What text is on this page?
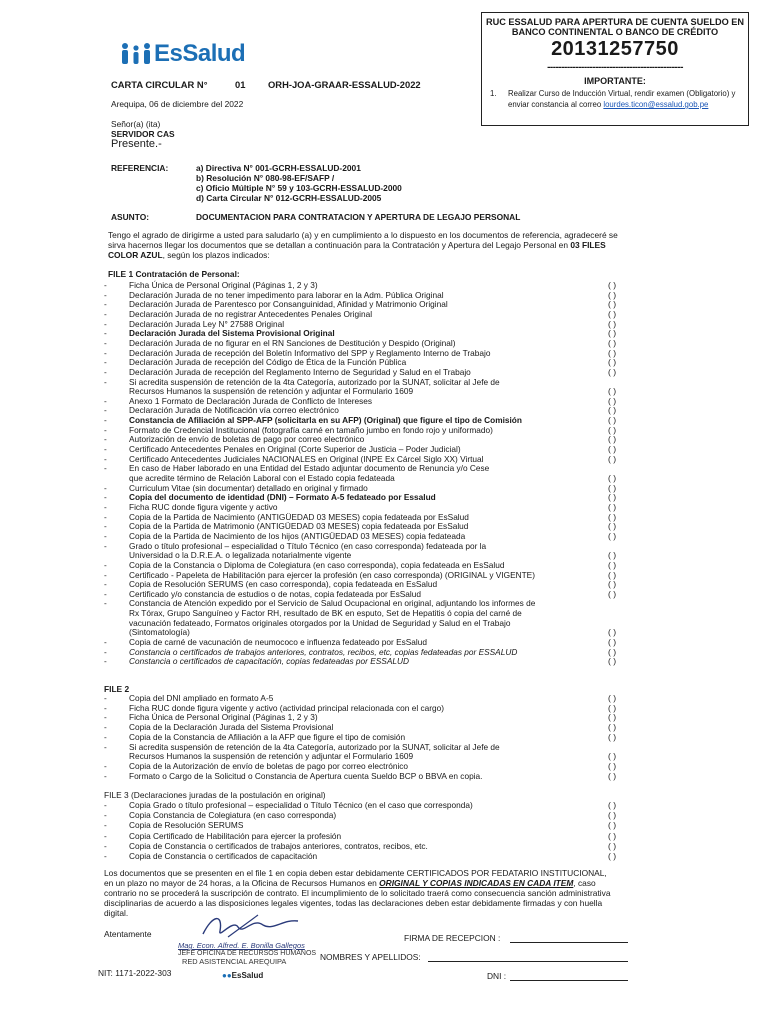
EsSalud
RUC ESSALUD PARA APERTURA DE CUENTA SUELDO EN
BANCO CONTINENTAL O BANCO DE CRÉDITO
20131257750
------------------------------------------------
IMPORTANTE:
1.	Realizar Curso de Inducción Virtual, rendir examen (Obligatorio) y
enviar constancia al correo lourdes.ticon@essalud.gob.pe
CARTA CIRCULAR N°	01 ORH-JOA-GRAAR-ESSALUD-2022
Arequipa, 06 de diciembre del 2022
Señor(a) (ita)
SERVIDOR CAS
Presente.-
REFERENCIA:	a) Directiva N° 001-GCRH-ESSALUD-2001
b) Resolución N° 080-98-EF/SAFP /
c) Oficio Múltiple N° 59 y 103-GCRH-ESSALUD-2000
d) Carta Circular N° 012-GCRH-ESSALUD-2005
ASUNTO:	DOCUMENTACION PARA CONTRATACION Y APERTURA DE LEGAJO PERSONAL
Tengo el agrado de dirigirme a usted para saludarlo (a) y en cumplimiento a lo dispuesto en los documentos de referencia, agradeceré se
sirva hacernos llegar los documentos que se detallan a continuación para la Contratación y Apertura del Legajo Personal en 03 FILES
COLOR AZUL, según los plazos indicados:
FILE 1 Contratación de Personal:
-	Ficha Única de Personal Original (Páginas 1, 2 y 3)	( )
-	Declaración Jurada de no tener impedimento para laborar en la Adm. Pública Original	( )
-	Declaración Jurada de Parentesco por Consanguinidad, Afinidad y Matrimonio Original	( )
-	Declaración Jurada de no registrar Antecedentes Penales Original	( )
-	Declaración Jurada Ley N° 27588 Original	( )
-	Declaración Jurada del Sistema Provisional Original	( )
-	Declaración Jurada de no figurar en el RN Sanciones de Destitución y Despido (Original)	( )
-	Declaración Jurada de recepción del Boletín Informativo del SPP y Reglamento Interno de Trabajo	( )
-	Declaración Jurada de recepción del Código de Ética de la Función Pública	( )
-	Declaración Jurada de recepción del Reglamento Interno de Seguridad y Salud en el Trabajo	( )
-	Si acredita suspensión de retención de la 4ta Categoría, autorizado por la SUNAT, solicitar al Jefe de
Recursos Humanos la suspensión de retención y adjuntar el Formulario 1609	( )
-	Anexo 1 Formato de Declaración Jurada de Conflicto de Intereses	( )
-	Declaración Jurada de Notificación vía correo electrónico	( )
-	Constancia de Afiliación al SPP-AFP (solicitarla en su AFP) (Original) que figure el tipo de Comisión	( )
-	Formato de Credencial Institucional (fotografía carné en tamaño jumbo en fondo rojo y uniformado)	( )
-	Autorización de envío de boletas de pago por correo electrónico	( )
-	Certificado Antecedentes Penales en Original (Corte Superior de Justicia – Poder Judicial)	( )
-	Certificado Antecedentes Judiciales NACIONALES en Original (INPE Ex Cárcel Siglo XX) Virtual	( )
-	En caso de Haber laborado en una Entidad del Estado adjuntar documento de Renuncia y/o Cese
que acredite término de Relación Laboral con el Estado copia fedateada	( )
-	Curriculum Vitae (sin documentar) detallado en original y firmado	( )
-	Copia del documento de identidad (DNI) – Formato A-5 fedateado por Essalud	( )
-	Ficha RUC donde figura vigente y activo	( )
-	Copia de la Partida de Nacimiento (ANTIGÜEDAD 03 MESES) copia fedateada por EsSalud	( )
-	Copia de la Partida de Matrimonio (ANTIGÜEDAD 03 MESES) copia fedateada por EsSalud	( )
-	Copia de la Partida de Nacimiento de los hijos (ANTIGÜEDAD 03 MESES) copia fedateada	( )
-	Grado o título profesional – especialidad o Título Técnico (en caso corresponda) fedateada por la
Universidad o la D.R.E.A. o legalizada notarialmente vigente	( )
-	Copia de la Constancia o Diploma de Colegiatura (en caso corresponda), copia fedateada en EsSalud	( )
-	Certificado - Papeleta de Habilitación para ejercer la profesión (en caso corresponda) (ORIGINAL y VIGENTE)	( )
-	Copia de Resolución SERUMS (en caso corresponda), copia fedateada en EsSalud	( )
-	Certificado y/o constancia de estudios o de notas, copia fedateada por EsSalud	( )
-	Constancia de Atención expedido por el Servicio de Salud Ocupacional en original, adjuntando los informes de
Rx Tórax, Grupo Sanguíneo y Factor RH, resultado de BK en esputo, Set de Hepatitis ó copia del carné de
vacunación fedateado, Formatos originales otorgados por la Unidad de Seguridad y Salud en el Trabajo
(Sintomatología)	( )
-	Copia de carné de vacunación de neumococo e influenza fedateado por EsSalud	( )
-	Constancia o certificados de trabajos anteriores, contratos, recibos, etc, copias fedateadas por ESSALUD	( )
-	Constancia o certificados de capacitación, copias fedateadas por ESSALUD	( )
FILE 2
-	Copia del DNI ampliado en formato A-5	( )
-	Ficha RUC donde figura vigente y activo (actividad principal relacionada con el cargo)	( )
-	Ficha Única de Personal Original (Páginas 1, 2 y 3)	( )
-	Copia de la Declaración Jurada del Sistema Provisional	( )
-	Copia de la Constancia de Afiliación a la AFP que figure el tipo de comisión	( )
-	Si acredita suspensión de retención de la 4ta Categoría, autorizado por la SUNAT, solicitar al Jefe de
Recursos Humanos la suspensión de retención y adjuntar el Formulario 1609	( )
-	Copia de la Autorización de envío de boletas de pago por correo electrónico	( )
-	Formato o Cargo de la Solicitud o Constancia de Apertura cuenta Sueldo BCP o BBVA en copia.	( )
FILE 3 (Declaraciones juradas de la postulación en original)
-	Copia Grado o título profesional – especialidad o Título Técnico (en el caso que corresponda)	( )
-	Copia Constancia de Colegiatura (en caso corresponda)	( )
-	Copia de Resolución SERUMS	( )
-	Copia Certificado de Habilitación para ejercer la profesión	( )
-	Copia de Constancia o certificados de trabajos anteriores, contratos, recibos, etc.	( )
-	Copia de Constancia o certificados de capacitación	( )
Los documentos que se presenten en el file 1 en copia deben estar debidamente CERTIFICADOS POR FEDATARIO INSTITUCIONAL,
en un plazo no mayor de 24 horas, a la Oficina de Recursos Humanos en ORIGINAL Y COPIAS INDICADAS EN CADA ITEM, caso
contrario no se procederá la suscripción de contrato. El incumplimiento de lo solicitado traerá como consecuencia sanción administrativa
disciplinarias de acuerdo a las disposiciones legales vigentes, todas las declaraciones deben estar debidamente firmadas y con huella
digital.
Atentamente
Mag. Econ. Alfred. E. Bonilla Gallegos
JEFE OFICINA DE RECURSOS HUMANOS
RED ASISTENCIAL AREQUIPA
●●EsSalud
NIT: 1171-2022-303
FIRMA DE RECEPCION :
NOMBRES Y APELLIDOS:
DNI :
